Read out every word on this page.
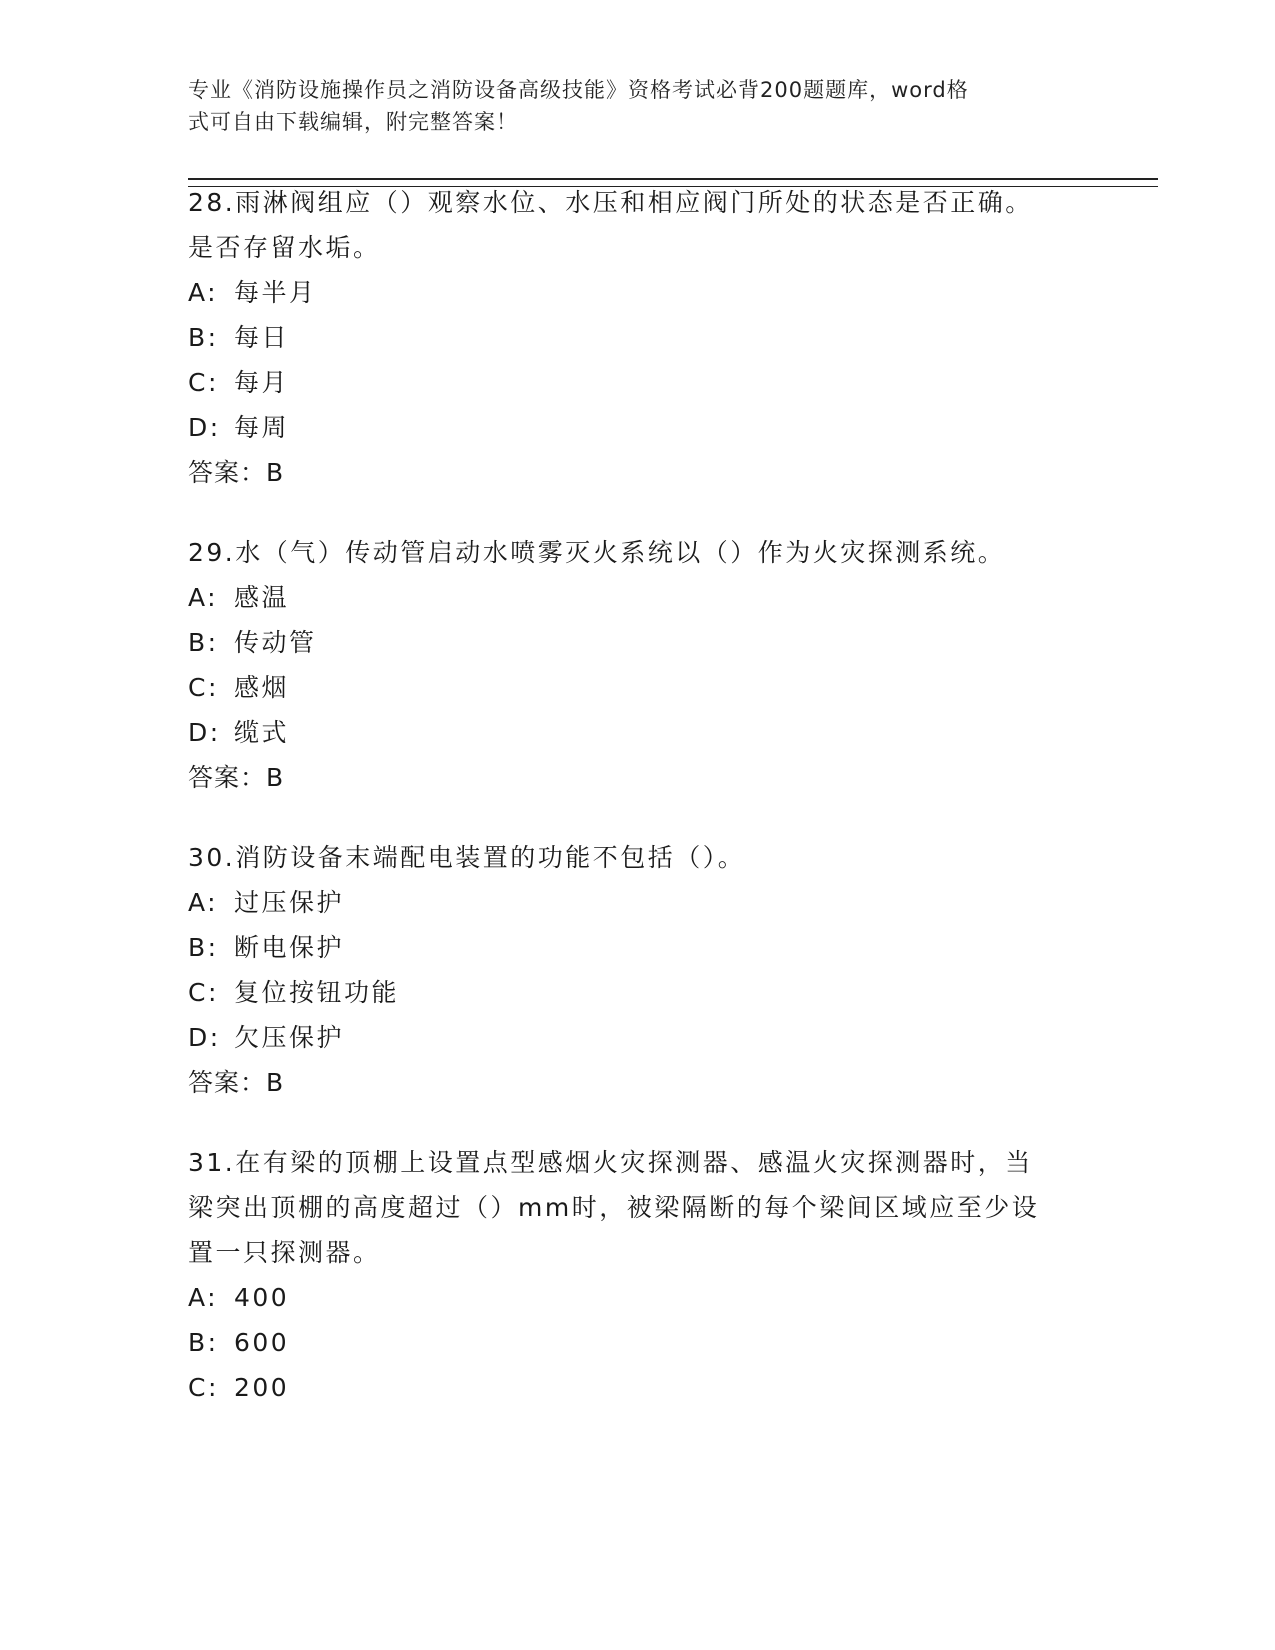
专业《消防设施操作员之消防设备高级技能》资格考试必背200题题库，word格
式可自由下载编辑，附完整答案！

28.雨淋阀组应（）观察水位、水压和相应阀门所处的状态是否正确。

是否存留水垢。

A: 每半月

B: 每日

C: 每月

D: 每周

答案：B

29.水（气）传动管启动水喷雾灭火系统以（）作为火灾探测系统。

A: 感温

B: 传动管

C: 感烟

D: 缆式

答案：B

30.消防设备末端配电装置的功能不包括（）。

A: 过压保护

B: 断电保护

C: 复位按钮功能

D: 欠压保护

答案：B

31.在有梁的顶棚上设置点型感烟火灾探测器、感温火灾探测器时，当

梁突出顶棚的高度超过（）mm时，被梁隔断的每个梁间区域应至少设

置一只探测器。

A: 400

B: 600

C: 200
